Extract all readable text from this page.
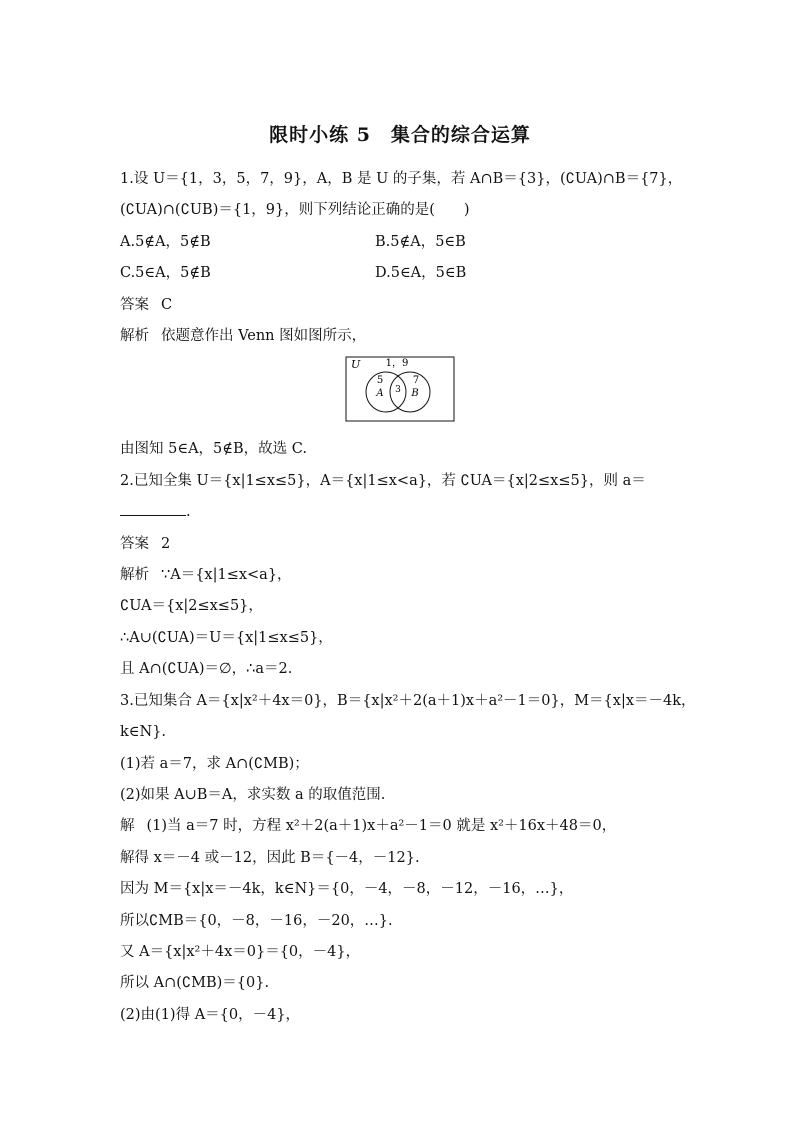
限时小练 5　集合的综合运算
1.设 U＝{1，3，5，7，9}，A，B 是 U 的子集，若 A∩B＝{3}，(∁UA)∩B＝{7}，
(∁UA)∩(∁UB)＝{1，9}，则下列结论正确的是(　　)
A.5∉A，5∉B	B.5∉A，5∈B
C.5∈A，5∉B	D.5∈A，5∈B
答案 C
解析 依题意作出 Venn 图如图所示，
U	1，9
5
A 3
7
B
由图知 5∈A，5∉B，故选 C.
2.已知全集 U＝{x|1≤x≤5}，A＝{x|1≤x<a}，若 ∁UA＝{x|2≤x≤5}，则 a＝
.
答案 2
解析 ∵A＝{x|1≤x<a}，
∁UA＝{x|2≤x≤5}，
∴A∪(∁UA)＝U＝{x|1≤x≤5}，
且 A∩(∁UA)＝∅，∴a＝2.
3.已知集合 A＝{x|x²＋4x＝0}，B＝{x|x²＋2(a＋1)x＋a²－1＝0}，M＝{x|x＝－4k，
k∈N}.
(1)若 a＝7，求 A∩(∁MB)；
(2)如果 A∪B＝A，求实数 a 的取值范围.
解 (1)当 a＝7 时，方程 x²＋2(a＋1)x＋a²－1＝0 就是 x²＋16x＋48＝0，
解得 x＝－4 或－12，因此 B＝{－4，－12}.
因为 M＝{x|x＝－4k，k∈N}＝{0，－4，－8，－12，－16，…}，
所以∁MB＝{0，－8，－16，－20，…}.
又 A＝{x|x²＋4x＝0}＝{0，－4}，
所以 A∩(∁MB)＝{0}.
(2)由(1)得 A＝{0，－4}，
